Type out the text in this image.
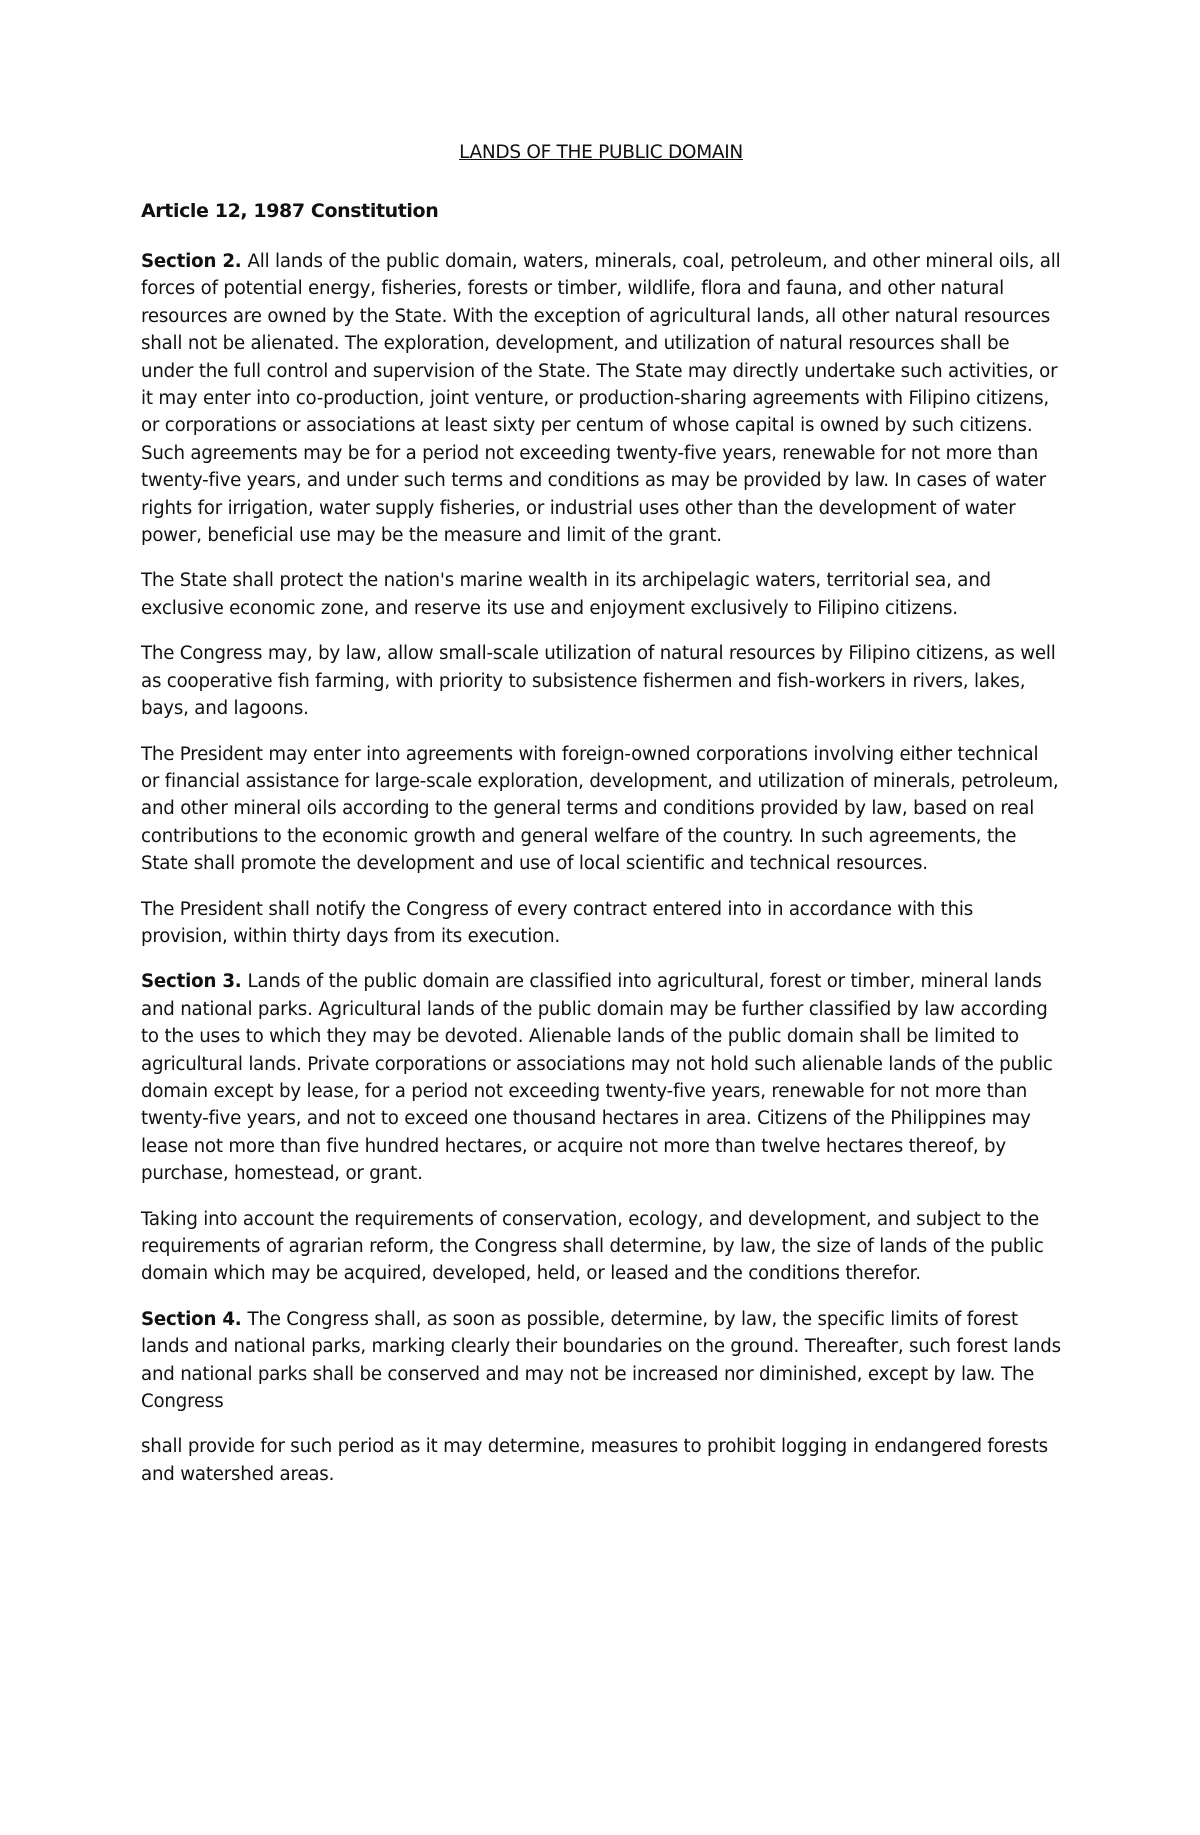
LANDS OF THE PUBLIC DOMAIN
Article 12, 1987 Constitution

Section 2. All lands of the public domain, waters, minerals, coal, petroleum, and other mineral oils, all forces of potential energy, fisheries, forests or timber, wildlife, flora and fauna, and other natural resources are owned by the State. With the exception of agricultural lands, all other natural resources shall not be alienated. The exploration, development, and utilization of natural resources shall be under the full control and supervision of the State. The State may directly undertake such activities, or it may enter into co-production, joint venture, or production-sharing agreements with Filipino citizens, or corporations or associations at least sixty per centum of whose capital is owned by such citizens. Such agreements may be for a period not exceeding twenty-five years, renewable for not more than twenty-five years, and under such terms and conditions as may be provided by law. In cases of water rights for irrigation, water supply fisheries, or industrial uses other than the development of water power, beneficial use may be the measure and limit of the grant.

The State shall protect the nation's marine wealth in its archipelagic waters, territorial sea, and exclusive economic zone, and reserve its use and enjoyment exclusively to Filipino citizens.

The Congress may, by law, allow small-scale utilization of natural resources by Filipino citizens, as well as cooperative fish farming, with priority to subsistence fishermen and fish-workers in rivers, lakes, bays, and lagoons.

The President may enter into agreements with foreign-owned corporations involving either technical or financial assistance for large-scale exploration, development, and utilization of minerals, petroleum, and other mineral oils according to the general terms and conditions provided by law, based on real contributions to the economic growth and general welfare of the country. In such agreements, the State shall promote the development and use of local scientific and technical resources.

The President shall notify the Congress of every contract entered into in accordance with this provision, within thirty days from its execution.

Section 3. Lands of the public domain are classified into agricultural, forest or timber, mineral lands and national parks. Agricultural lands of the public domain may be further classified by law according to the uses to which they may be devoted. Alienable lands of the public domain shall be limited to agricultural lands. Private corporations or associations may not hold such alienable lands of the public domain except by lease, for a period not exceeding twenty-five years, renewable for not more than twenty-five years, and not to exceed one thousand hectares in area. Citizens of the Philippines may lease not more than five hundred hectares, or acquire not more than twelve hectares thereof, by purchase, homestead, or grant.

Taking into account the requirements of conservation, ecology, and development, and subject to the requirements of agrarian reform, the Congress shall determine, by law, the size of lands of the public domain which may be acquired, developed, held, or leased and the conditions therefor.

Section 4. The Congress shall, as soon as possible, determine, by law, the specific limits of forest lands and national parks, marking clearly their boundaries on the ground. Thereafter, such forest lands and national parks shall be conserved and may not be increased nor diminished, except by law. The Congress

shall provide for such period as it may determine, measures to prohibit logging in endangered forests and watershed areas.
